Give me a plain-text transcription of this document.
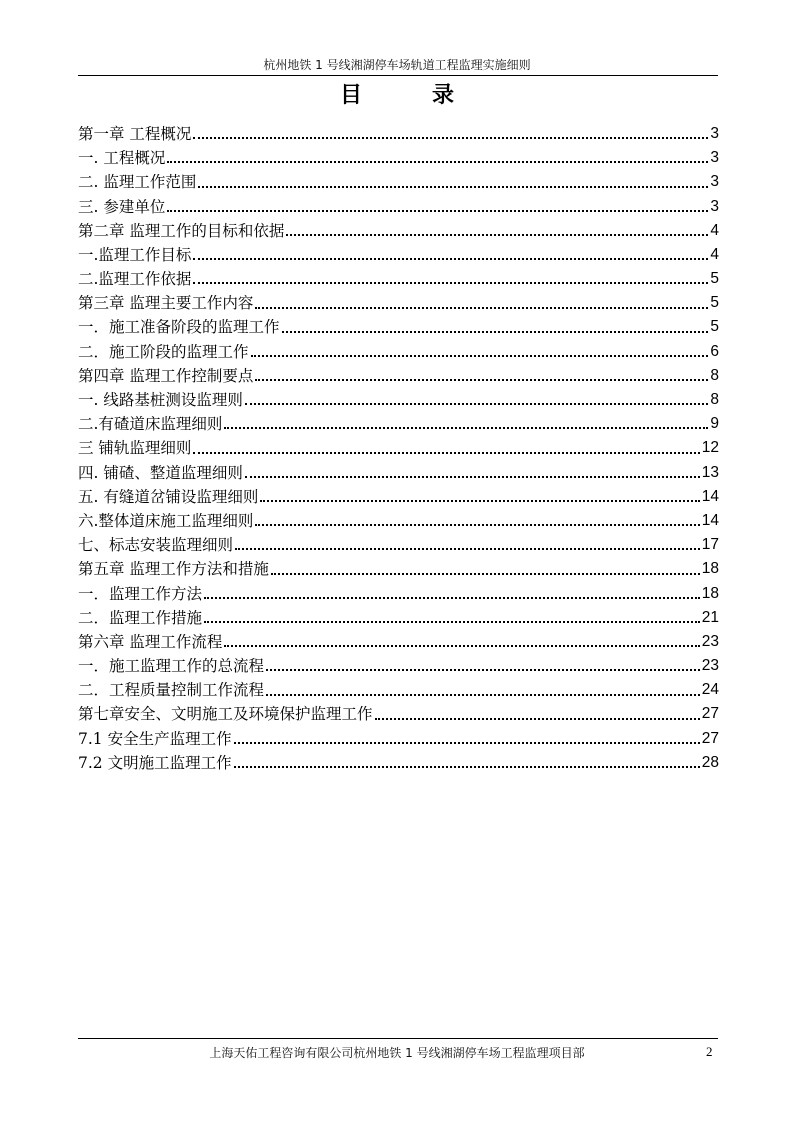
杭州地铁 1 号线湘湖停车场轨道工程监理实施细则
目	录
第一章 工程概况	3
一. 工程概况	3
二. 监理工作范围	3
三. 参建单位	3
第二章 监理工作的目标和依据	4
一.监理工作目标	4
二.监理工作依据	5
第三章 监理主要工作内容	5
一．施工准备阶段的监理工作	5
二．施工阶段的监理工作	6
第四章 监理工作控制要点	8
一. 线路基桩测设监理则	8
二.有碴道床监理细则	9
三 铺轨监理细则	12
四. 铺碴、整道监理细则	13
五. 有缝道岔铺设监理细则	14
六.整体道床施工监理细则	14
七、标志安装监理细则	17
第五章 监理工作方法和措施	18
一．监理工作方法	18
二．监理工作措施	21
第六章 监理工作流程	23
一．施工监理工作的总流程	23
二．工程质量控制工作流程	24
第七章安全、文明施工及环境保护监理工作	27
7.1 安全生产监理工作	27
7.2 文明施工监理工作	28
上海天佑工程咨询有限公司杭州地铁 1 号线湘湖停车场工程监理项目部	2
